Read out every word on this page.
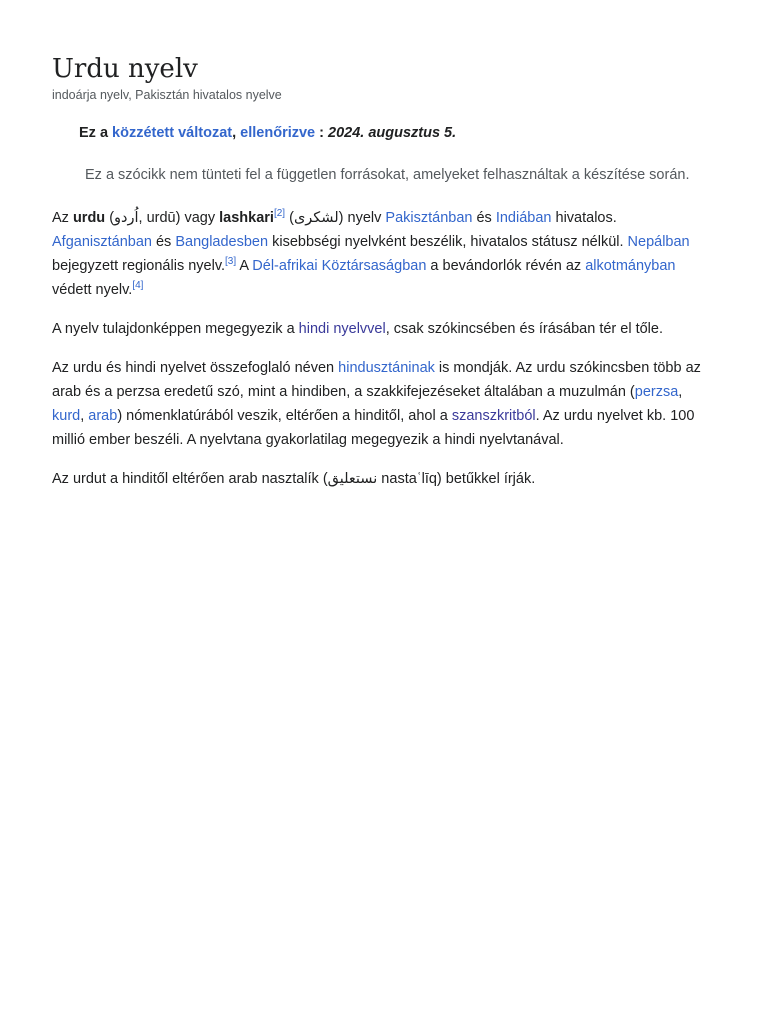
Urdu nyelv
indoárja nyelv, Pakisztán hivatalos nyelve
Ez a közzétett változat, ellenőrizve : 2024. augusztus 5.
Ez a szócikk nem tünteti fel a független forrásokat, amelyeket felhasználtak a készítése során.

Az urdu (اُردو, urdū) vagy lashkari[2] (لشکری) nyelv Pakisztánban és Indiában hivatalos. Afganisztánban és Bangladesben kisebbségi nyelvként beszélik, hivatalos státusz nélkül. Nepálban bejegyzett regionális nyelv.[3] A Dél-afrikai Köztársaságban a bevándorlók révén az alkotmányban védett nyelv.[4]

A nyelv tulajdonképpen megegyezik a hindi nyelvvel, csak szókincsében és írásában tér el tőle.

Az urdu és hindi nyelvet összefoglaló néven hindusztáninak is mondják. Az urdu szókincsben több az arab és a perzsa eredetű szó, mint a hindiben, a szakkifejezéseket általában a muzulmán (perzsa, kurd, arab) nómenklatúrából veszik, eltérően a hinditől, ahol a szanszkritból. Az urdu nyelvet kb. 100 millió ember beszéli. A nyelvtana gyakorlatilag megegyezik a hindi nyelvtanával.

Az urdut a hinditől eltérően arab nasztalík (نستعلیق nastaʿlīq) betűkkel írják.
